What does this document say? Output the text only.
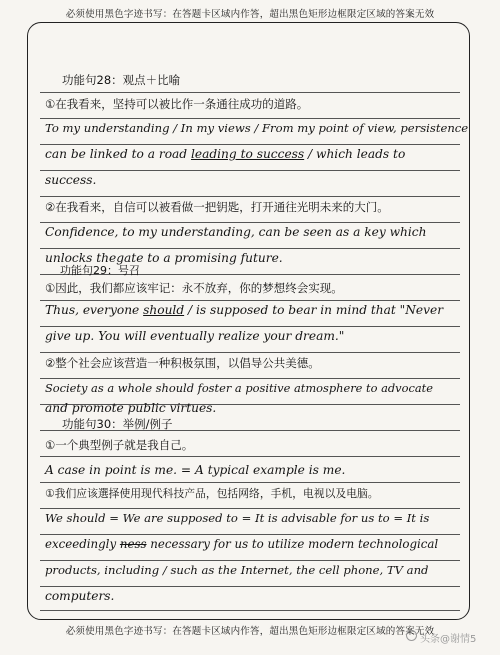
必须使用黑色字迹书写：在答题卡区域内作答，超出黑色矩形边框限定区域的答案无效
功能句28：观点＋比喻
①在我看来，坚持可以被比作一条通往成功的道路。
To my understanding / In my views / From my point of view, persistence
can be linked to a road leading to success / which leads to
success.
②在我看来，自信可以被看做一把钥匙，打开通往光明未来的大门。
Confidence, to my understanding, can be seen as a key which
unlocks thegate to a promising future.
功能句29：号召
①因此，我们都应该牢记：永不放弃，你的梦想终会实现。
Thus, everyone should / is supposed to bear in mind that "Never
give up. You will eventually realize your dream."
②整个社会应该营造一种积极氛围，以倡导公共美德。
Society as a whole should foster a positive atmosphere to advocate
and promote public virtues.
功能句30：举例/例子
①一个典型例子就是我自己。
A case in point is me. = A typical example is me.
①我们应该選择使用现代科技产品，包括网络，手机，电视以及电脑。
We should = We are supposed to = It is advisable for us to = It is
exceedingly ness necessary for us to utilize modern technological
products, including / such as the Internet, the cell phone, TV and
computers.
必须使用黑色字迹书写：在答题卡区域内作答，超出黑色矩形边框限定区域的答案无效
头条@谢情5
